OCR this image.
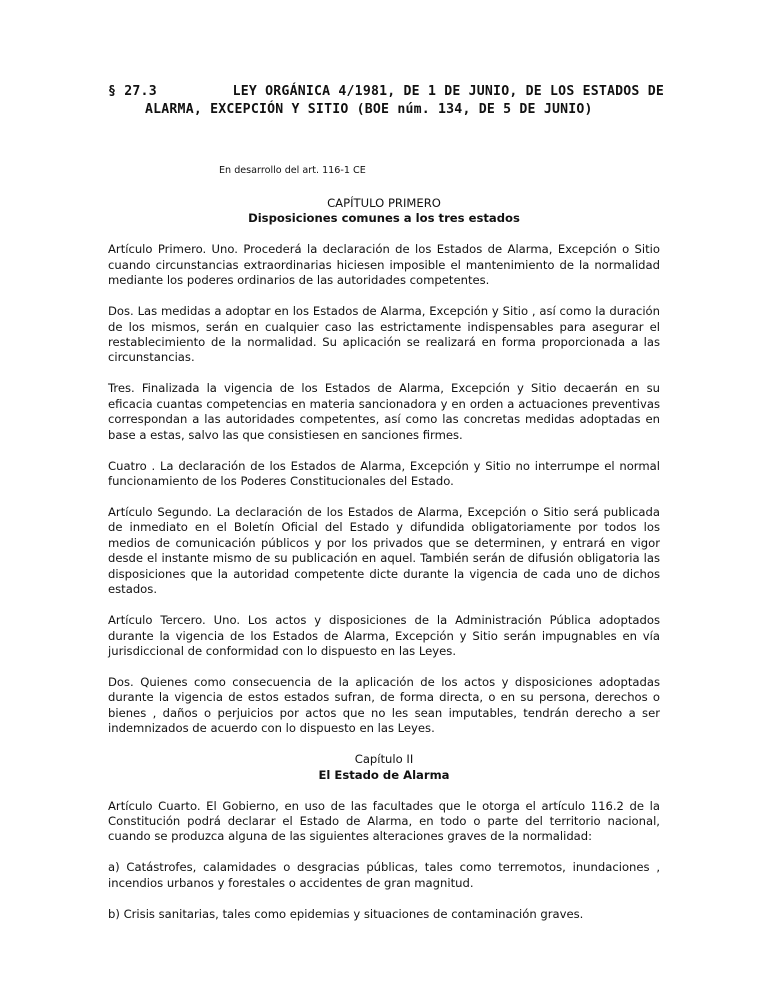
§ 27.3	LEY ORGÁNICA 4/1981, DE 1 DE JUNIO, DE LOS ESTADOS DE
ALARMA, EXCEPCIÓN Y SITIO (BOE núm. 134, DE 5 DE JUNIO)
En desarrollo del art. 116-1 CE
CAPÍTULO PRIMERO
Disposiciones comunes a los tres estados

Artículo Primero. Uno. Procederá la declaración de los Estados de Alarma, Excepción o Sitio cuando circunstancias extraordinarias hiciesen imposible el mantenimiento de la normalidad mediante los poderes ordinarios de las autoridades competentes.

Dos. Las medidas a adoptar en los Estados de Alarma, Excepción y Sitio , así como la duración de los mismos, serán en cualquier caso las estrictamente indispensables para asegurar el restablecimiento de la normalidad. Su aplicación se realizará en forma proporcionada a las circunstancias.

Tres. Finalizada la vigencia de los Estados de Alarma, Excepción y Sitio decaerán en su eficacia cuantas competencias en materia sancionadora y en orden a actuaciones preventivas correspondan a las autoridades competentes, así como las concretas medidas adoptadas en base a estas, salvo las que consistiesen en sanciones firmes.

Cuatro . La declaración de los Estados de Alarma, Excepción y Sitio no interrumpe el normal funcionamiento de los Poderes Constitucionales del Estado.

Artículo Segundo. La declaración de los Estados de Alarma, Excepción o Sitio será publicada de inmediato en el Boletín Oficial del Estado y difundida obligatoriamente por todos los medios de comunicación públicos y por los privados que se determinen, y entrará en vigor desde el instante mismo de su publicación en aquel. También serán de difusión obligatoria las disposiciones que la autoridad competente dicte durante la vigencia de cada uno de dichos estados.

Artículo Tercero. Uno. Los actos y disposiciones de la Administración Pública adoptados durante la vigencia de los Estados de Alarma, Excepción y Sitio serán impugnables en vía jurisdiccional de conformidad con lo dispuesto en las Leyes.

Dos. Quienes como consecuencia de la aplicación de los actos y disposiciones adoptadas durante la vigencia de estos estados sufran, de forma directa, o en su persona, derechos o bienes , daños o perjuicios por actos que no les sean imputables, tendrán derecho a ser indemnizados de acuerdo con lo dispuesto en las Leyes.

Capítulo II
El Estado de Alarma

Artículo Cuarto. El Gobierno, en uso de las facultades que le otorga el artículo 116.2 de la Constitución podrá declarar el Estado de Alarma, en todo o parte del territorio nacional, cuando se produzca alguna de las siguientes alteraciones graves de la normalidad:

a) Catástrofes, calamidades o desgracias públicas, tales como terremotos, inundaciones , incendios urbanos y forestales o accidentes de gran magnitud.

b) Crisis sanitarias, tales como epidemias y situaciones de contaminación graves.
